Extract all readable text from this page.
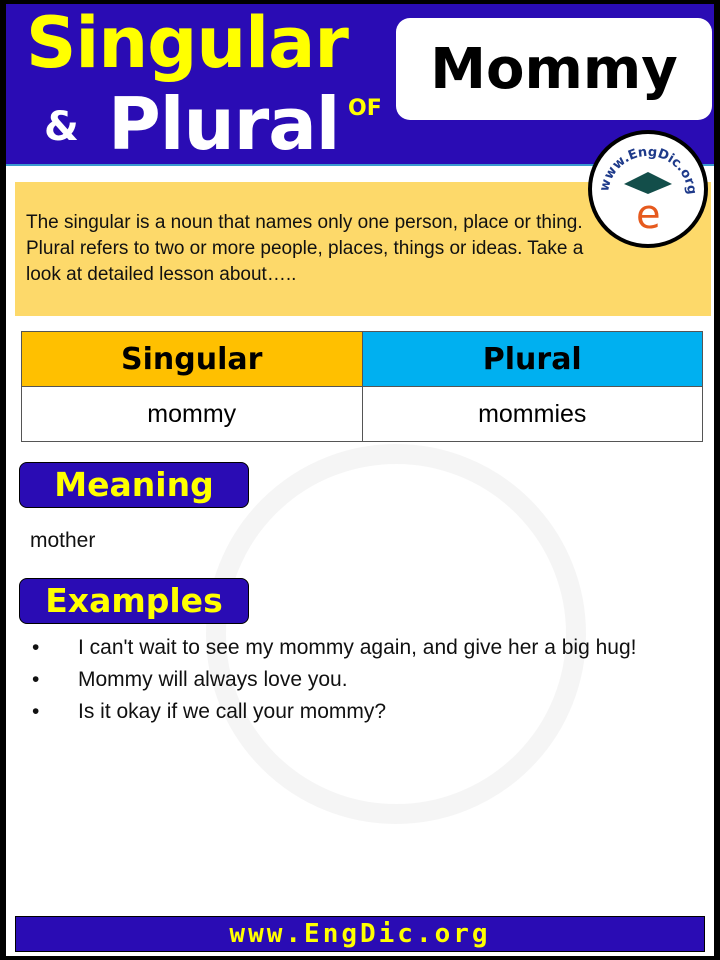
Singular
& Plural OF
Mommy
www.EngDic.org
e
The singular is a noun that names only one person, place or thing. Plural refers to two or more people, places, things or ideas. Take a look at detailed lesson about…..
Singular	Plural
mommy	mommies
Meaning
mother
Examples
• I can't wait to see my mommy again, and give her a big hug!
• Mommy will always love you.
• Is it okay if we call your mommy?
www.EngDic.org
